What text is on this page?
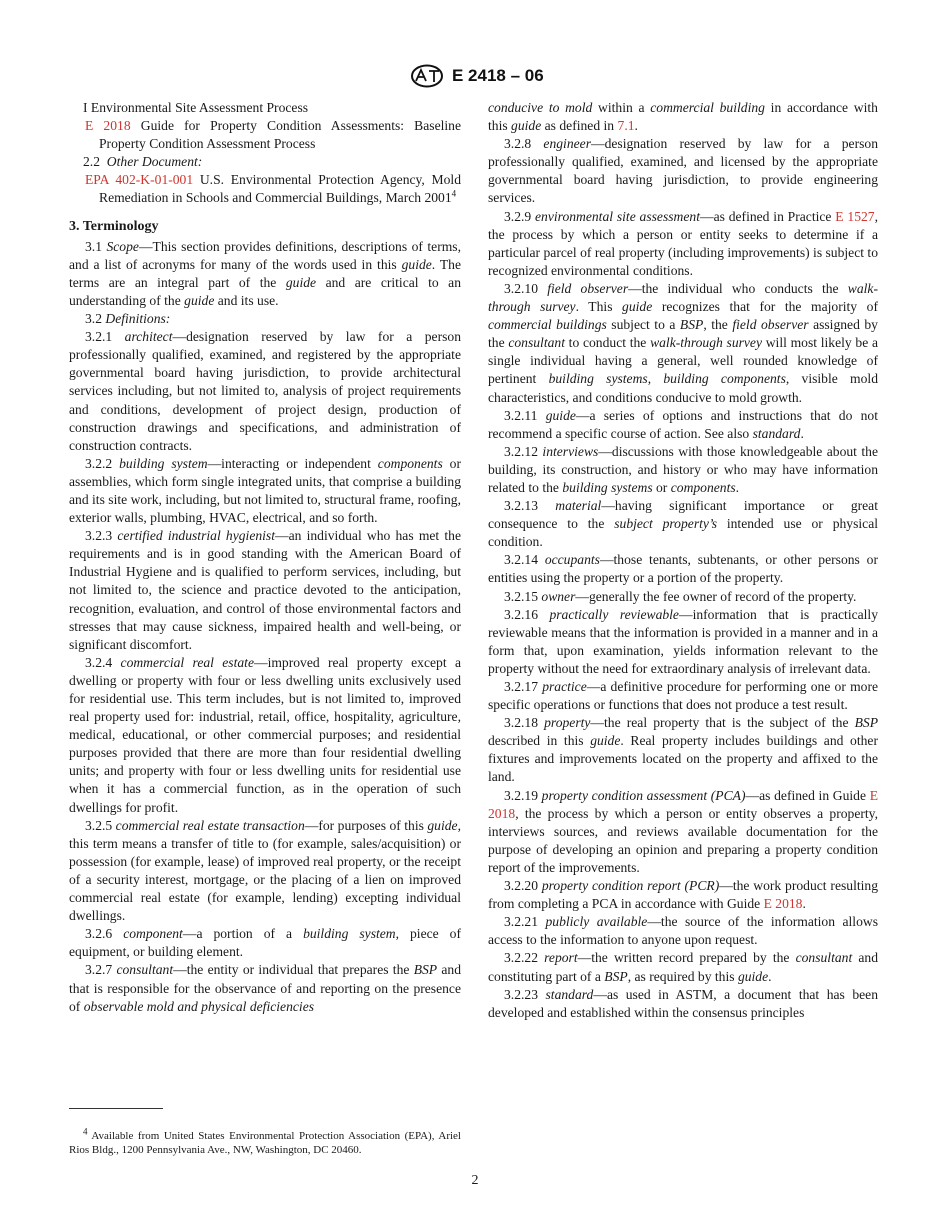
E 2418 – 06

I Environmental Site Assessment Process

E 2018 Guide for Property Condition Assessments: Baseline Property Condition Assessment Process

2.2 Other Document:

EPA 402-K-01-001 U.S. Environmental Protection Agency, Mold Remediation in Schools and Commercial Buildings, March 2001$^4$

3. Terminology

3.1 Scope—This section provides definitions, descriptions of terms, and a list of acronyms for many of the words used in this guide. The terms are an integral part of the guide and are critical to an understanding of the guide and its use.

3.2 Definitions:

3.2.1 architect—designation reserved by law for a person professionally qualified, examined, and registered by the appropriate governmental board having jurisdiction, to provide architectural services including, but not limited to, analysis of project requirements and conditions, development of project design, production of construction drawings and specifications, and administration of construction contracts.

3.2.2 building system—interacting or independent components or assemblies, which form single integrated units, that comprise a building and its site work, including, but not limited to, structural frame, roofing, exterior walls, plumbing, HVAC, electrical, and so forth.

3.2.3 certified industrial hygienist—an individual who has met the requirements and is in good standing with the American Board of Industrial Hygiene and is qualified to perform services, including, but not limited to, the science and practice devoted to the anticipation, recognition, evaluation, and control of those environmental factors and stresses that may cause sickness, impaired health and well-being, or significant discomfort.

3.2.4 commercial real estate—improved real property except a dwelling or property with four or less dwelling units exclusively used for residential use. This term includes, but is not limited to, improved real property used for: industrial, retail, office, hospitality, agriculture, medical, educational, or other commercial purposes; and residential purposes provided that there are more than four residential dwelling units; and property with four or less dwelling units for residential use when it has a commercial function, as in the operation of such dwellings for profit.

3.2.5 commercial real estate transaction—for purposes of this guide, this term means a transfer of title to (for example, sales/acquisition) or possession (for example, lease) of improved real property, or the receipt of a security interest, mortgage, or the placing of a lien on improved commercial real estate (for example, lending) excepting individual dwellings.

3.2.6 component—a portion of a building system, piece of equipment, or building element.

3.2.7 consultant—the entity or individual that prepares the BSP and that is responsible for the observance of and reporting on the presence of observable mold and physical deficiencies

$^4$ Available from United States Environmental Protection Association (EPA), Ariel Rios Bldg., 1200 Pennsylvania Ave., NW, Washington, DC 20460.

conducive to mold within a commercial building in accordance with this guide as defined in 7.1.

3.2.8 engineer—designation reserved by law for a person professionally qualified, examined, and licensed by the appropriate governmental board having jurisdiction, to provide engineering services.

3.2.9 environmental site assessment—as defined in Practice E 1527, the process by which a person or entity seeks to determine if a particular parcel of real property (including improvements) is subject to recognized environmental conditions.

3.2.10 field observer—the individual who conducts the walk-through survey. This guide recognizes that for the majority of commercial buildings subject to a BSP, the field observer assigned by the consultant to conduct the walk-through survey will most likely be a single individual having a general, well rounded knowledge of pertinent building systems, building components, visible mold characteristics, and conditions conducive to mold growth.

3.2.11 guide—a series of options and instructions that do not recommend a specific course of action. See also standard.

3.2.12 interviews—discussions with those knowledgeable about the building, its construction, and history or who may have information related to the building systems or components.

3.2.13 material—having significant importance or great consequence to the subject property’s intended use or physical condition.

3.2.14 occupants—those tenants, subtenants, or other persons or entities using the property or a portion of the property.

3.2.15 owner—generally the fee owner of record of the property.

3.2.16 practically reviewable—information that is practically reviewable means that the information is provided in a manner and in a form that, upon examination, yields information relevant to the property without the need for extraordinary analysis of irrelevant data.

3.2.17 practice—a definitive procedure for performing one or more specific operations or functions that does not produce a test result.

3.2.18 property—the real property that is the subject of the BSP described in this guide. Real property includes buildings and other fixtures and improvements located on the property and affixed to the land.

3.2.19 property condition assessment (PCA)—as defined in Guide E 2018, the process by which a person or entity observes a property, interviews sources, and reviews available documentation for the purpose of developing an opinion and preparing a property condition report of the improvements.

3.2.20 property condition report (PCR)—the work product resulting from completing a PCA in accordance with Guide E 2018.

3.2.21 publicly available—the source of the information allows access to the information to anyone upon request.

3.2.22 report—the written record prepared by the consultant and constituting part of a BSP, as required by this guide.

3.2.23 standard—as used in ASTM, a document that has been developed and established within the consensus principles

2
